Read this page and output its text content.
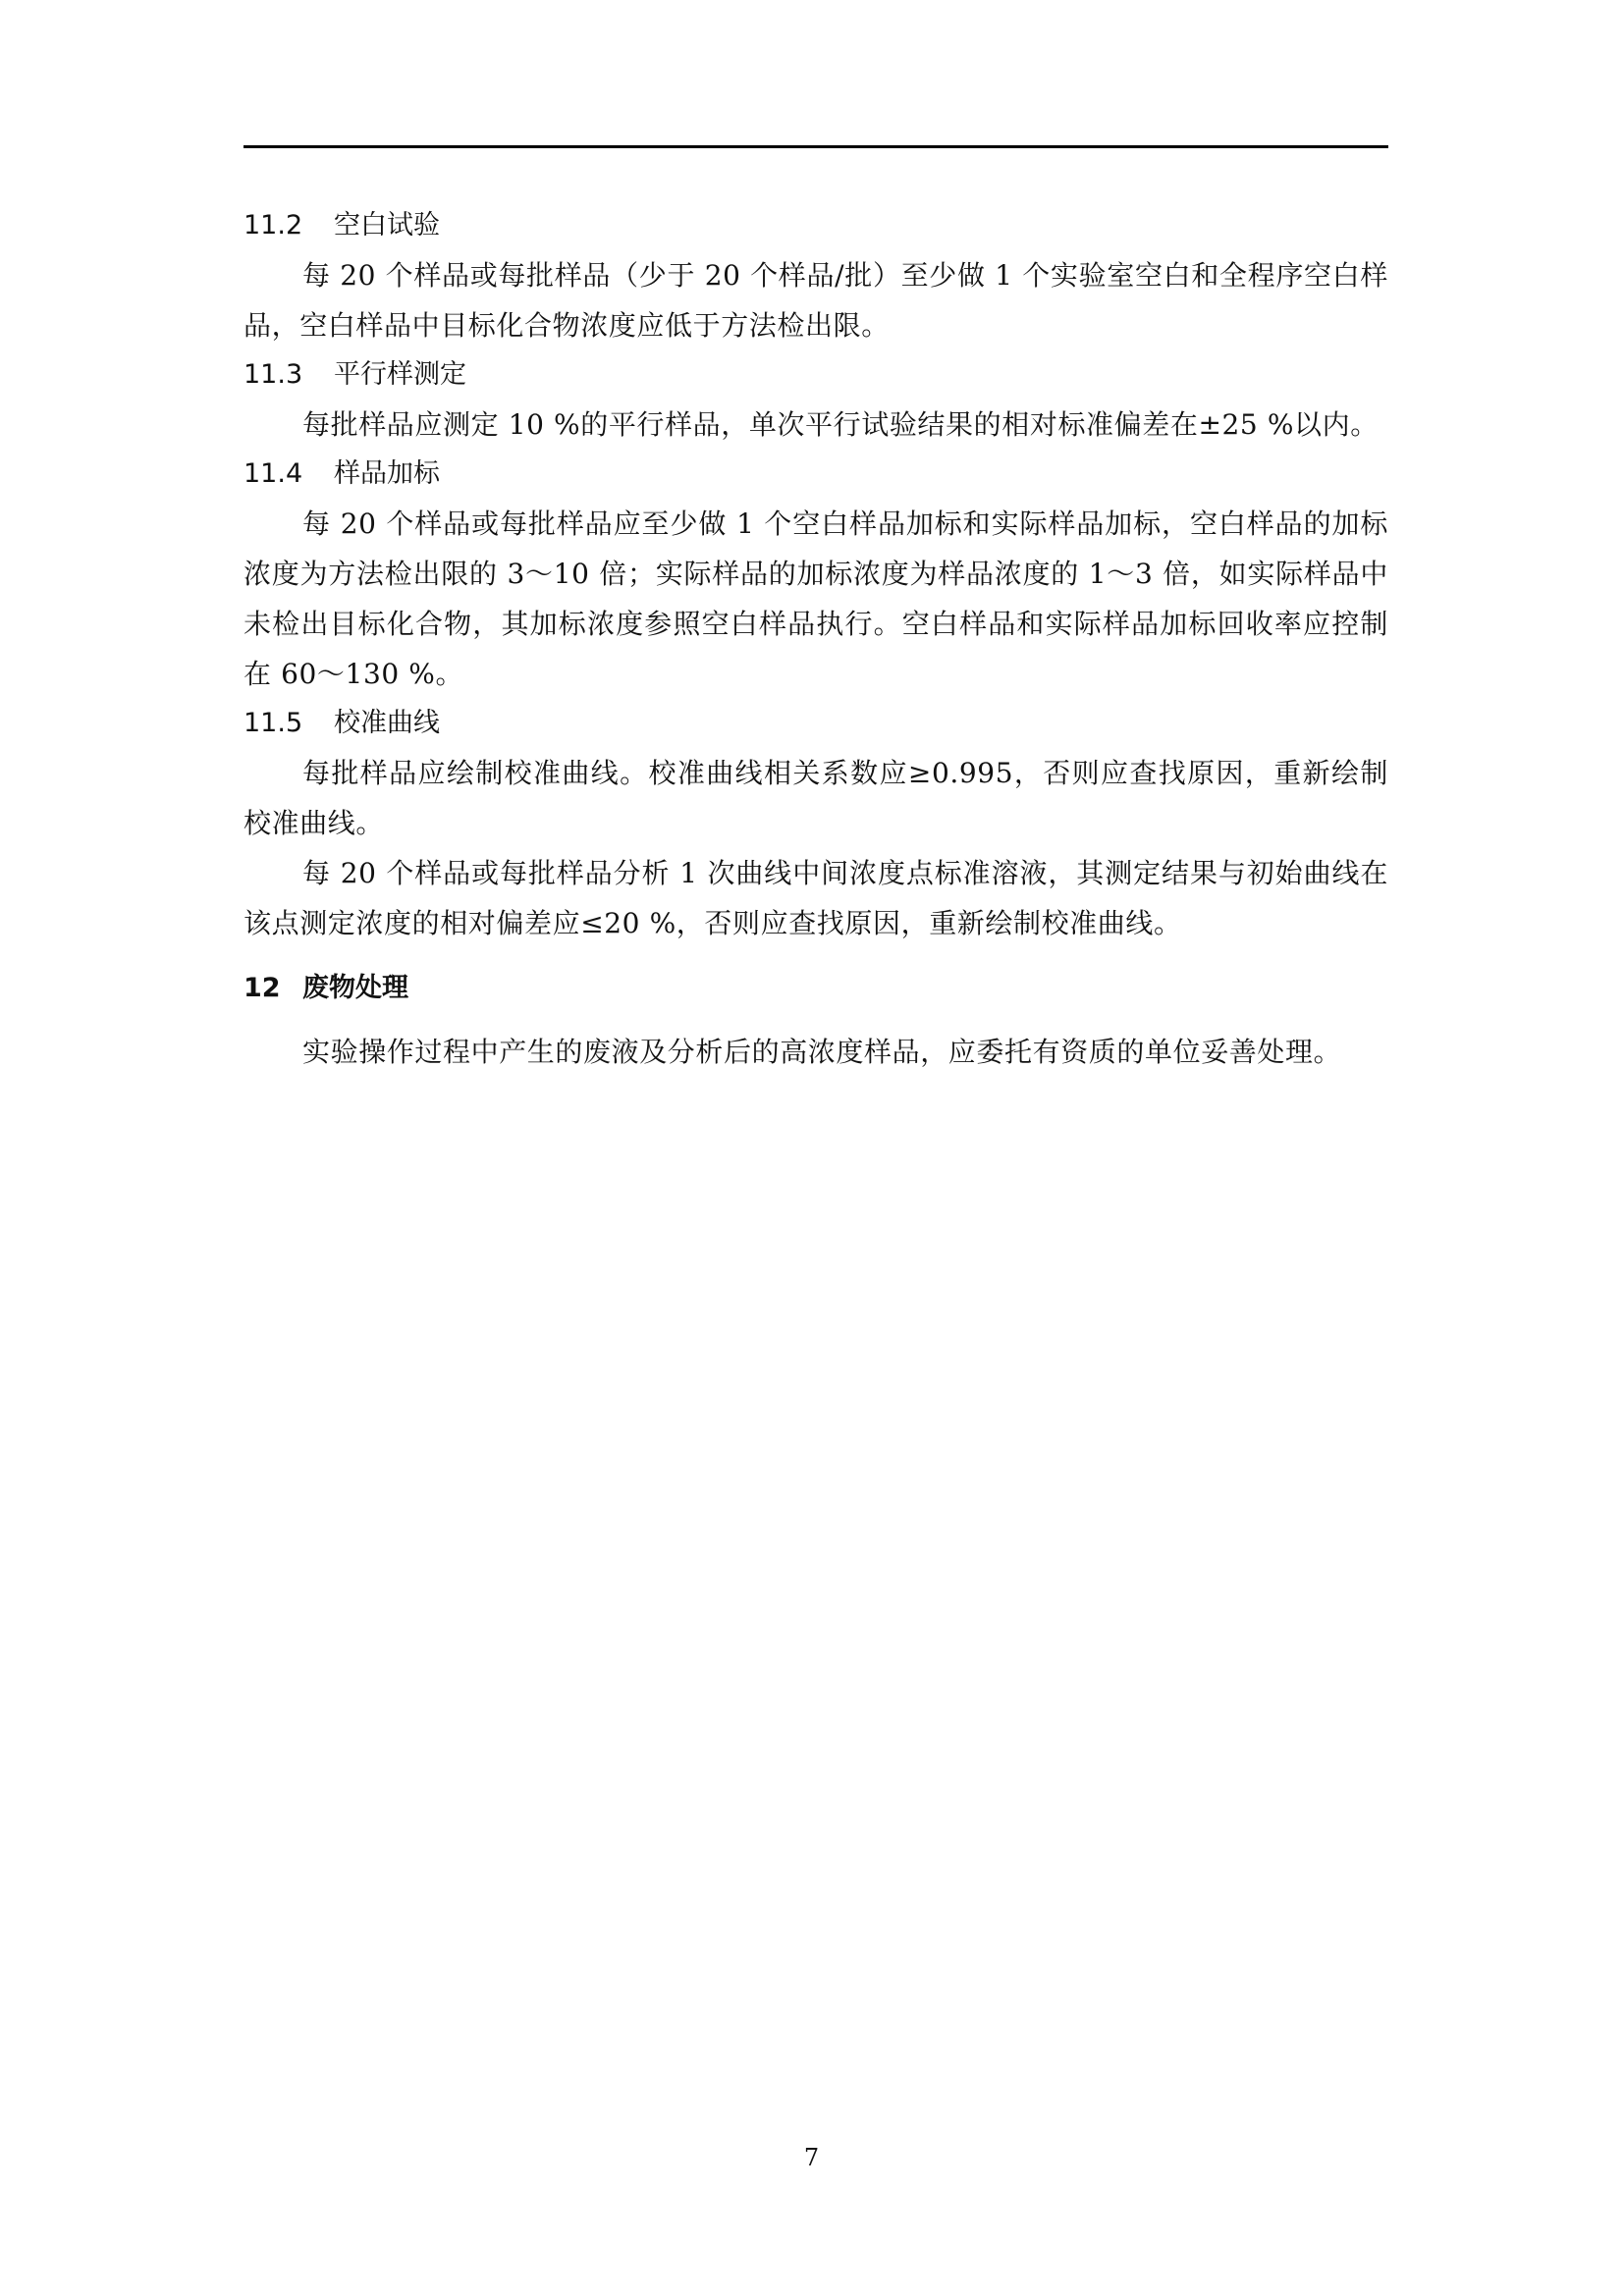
11.2 空白试验
每 20 个样品或每批样品（少于 20 个样品/批）至少做 1 个实验室空白和全程序空白样品，空白样品中目标化合物浓度应低于方法检出限。
11.3 平行样测定
每批样品应测定 10 %的平行样品，单次平行试验结果的相对标准偏差在±25 %以内。
11.4 样品加标
每 20 个样品或每批样品应至少做 1 个空白样品加标和实际样品加标，空白样品的加标浓度为方法检出限的 3～10 倍；实际样品的加标浓度为样品浓度的 1～3 倍，如实际样品中未检出目标化合物，其加标浓度参照空白样品执行。空白样品和实际样品加标回收率应控制在 60～130 %。
11.5 校准曲线
每批样品应绘制校准曲线。校准曲线相关系数应≥0.995，否则应查找原因，重新绘制校准曲线。
每 20 个样品或每批样品分析 1 次曲线中间浓度点标准溶液，其测定结果与初始曲线在该点测定浓度的相对偏差应≤20 %，否则应查找原因，重新绘制校准曲线。
12 废物处理
实验操作过程中产生的废液及分析后的高浓度样品，应委托有资质的单位妥善处理。
7
